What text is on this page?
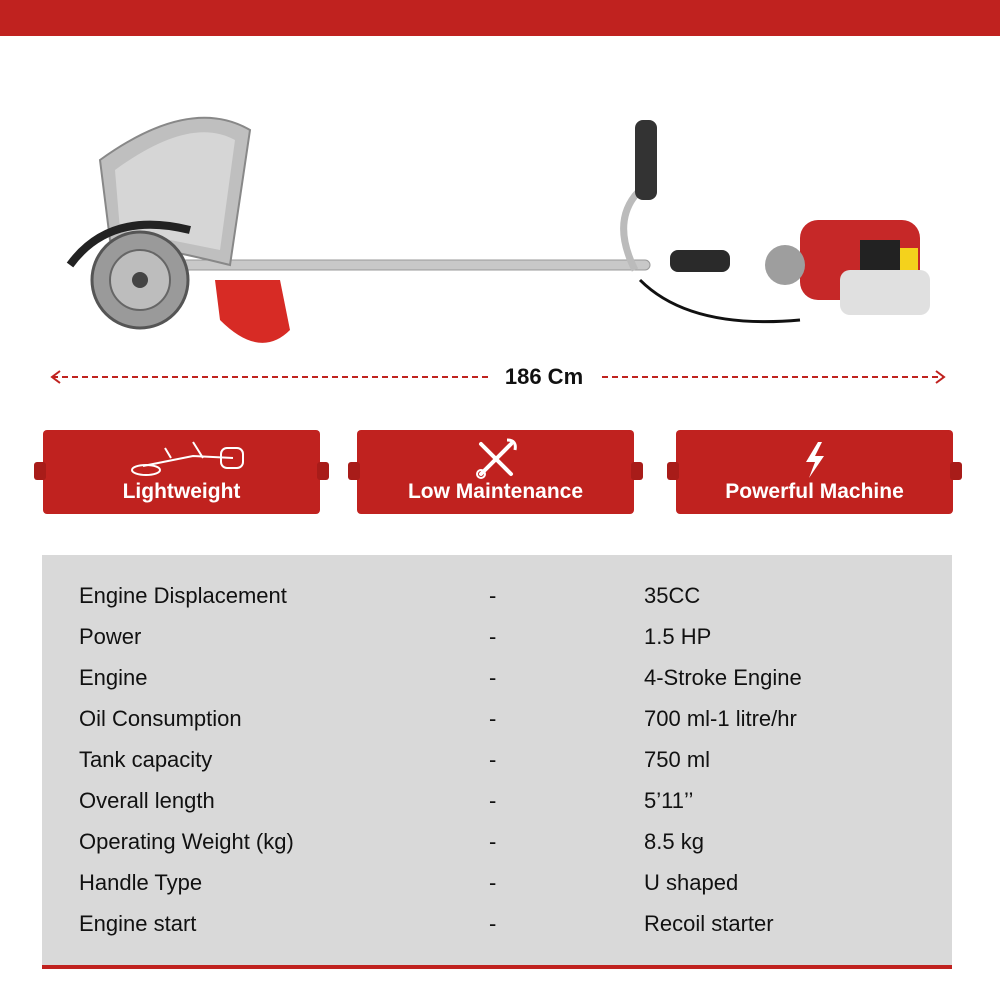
186 Cm
Lightweight	Low Maintenance	Powerful Machine
Engine Displacement	-	35CC
Power	-	1.5 HP
Engine	-	4-Stroke Engine
Oil Consumption	-	700 ml-1 litre/hr
Tank capacity	-	750 ml
Overall length	-	5’11’’
Operating Weight (kg)	-	8.5 kg
Handle Type	-	U shaped
Engine start	-	Recoil starter
